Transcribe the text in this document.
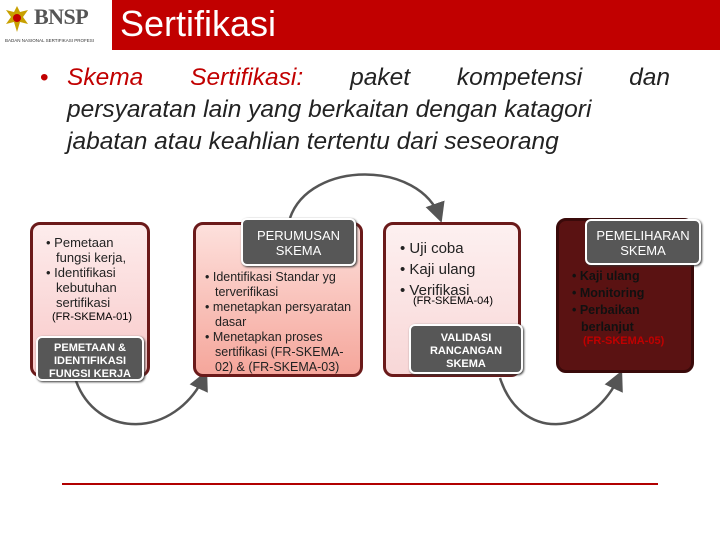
BNSP
BADAN NASIONAL SERTIFIKASI PROFESI Sertifikasi
• Skema Sertifikasi: paket kompetensi dan
persyaratan lain yang berkaitan dengan katagori
jabatan atau keahlian tertentu dari seseorang
• Pemetaan fungsi kerja,
• Identifikasi kebutuhan sertifikasi
(FR-SKEMA-01)
• Identifikasi Standar yg terverifikasi
• menetapkan persyaratan dasar
• Menetapkan proses sertifikasi (FR-SKEMA-02) & (FR-SKEMA-03)
• Uji coba
• Kaji ulang
• Verifikasi
(FR-SKEMA-04)
• Kaji ulang
• Monitoring
• Perbaikan berlanjut
(FR-SKEMA-05)
PEMETAAN & IDENTIFIKASI FUNGSI KERJA
PERUMUSAN SKEMA
VALIDASI RANCANGAN SKEMA
PEMELIHARAN SKEMA
